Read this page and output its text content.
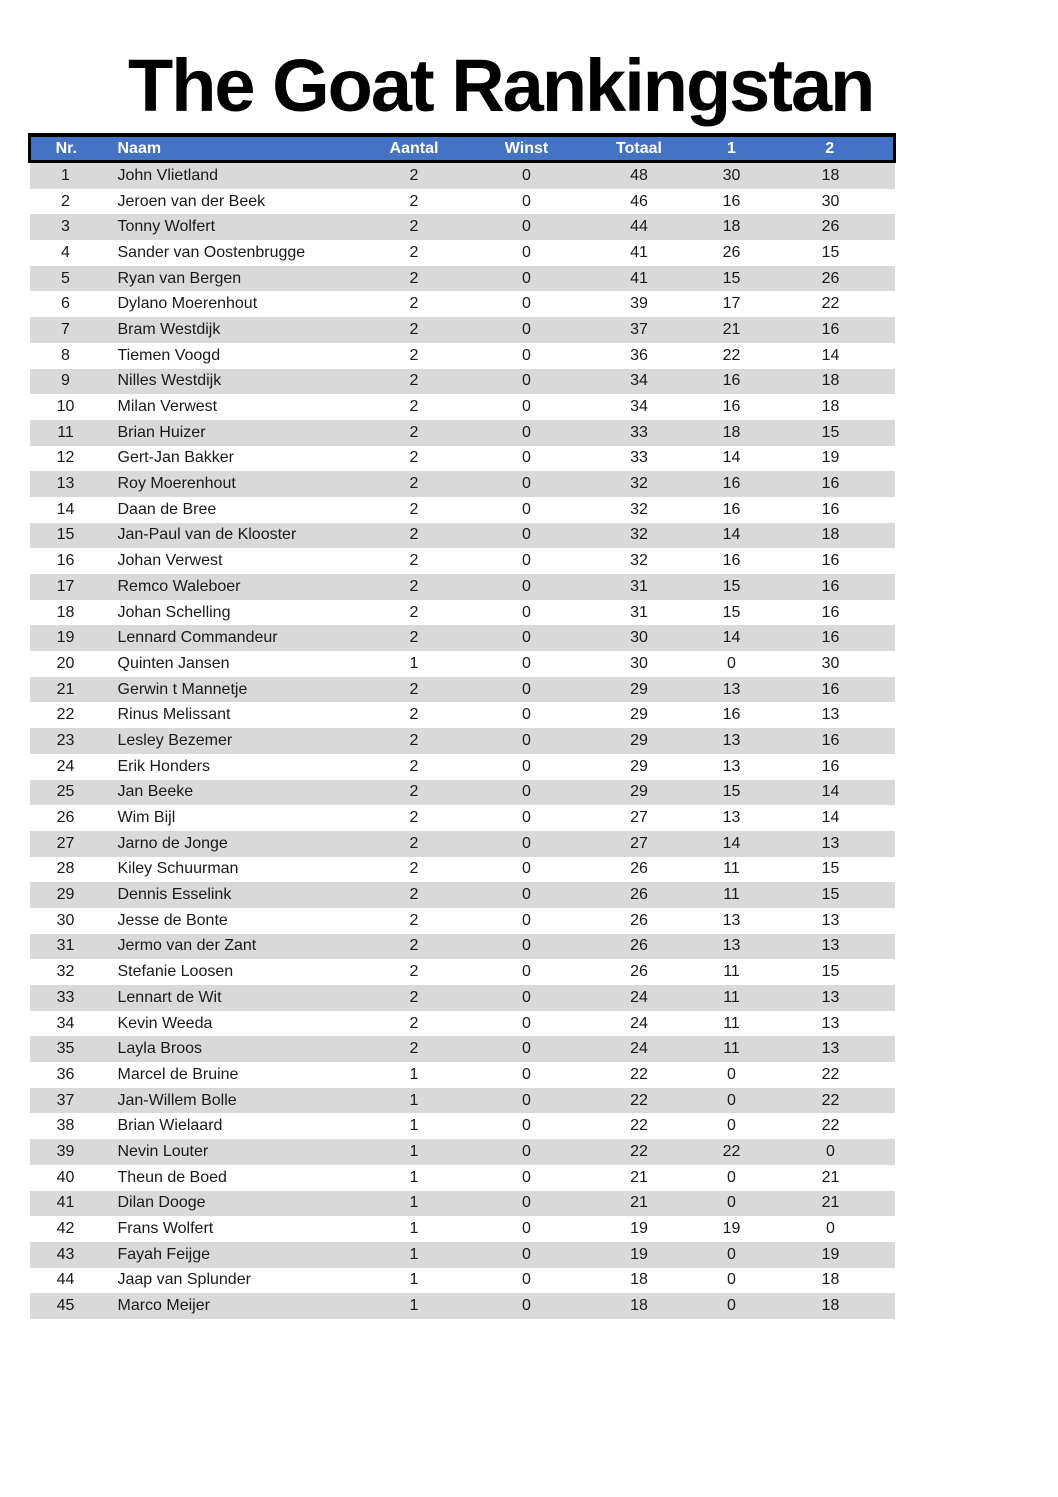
The Goat Rankingstan
Nr.	Naam	Aantal	Winst	Totaal	1	2
1	John Vlietland	2	0	48	30	18
2	Jeroen van der Beek	2	0	46	16	30
3	Tonny Wolfert	2	0	44	18	26
4	Sander van Oostenbrugge	2	0	41	26	15
5	Ryan van Bergen	2	0	41	15	26
6	Dylano Moerenhout	2	0	39	17	22
7	Bram Westdijk	2	0	37	21	16
8	Tiemen Voogd	2	0	36	22	14
9	Nilles Westdijk	2	0	34	16	18
10	Milan Verwest	2	0	34	16	18
11	Brian Huizer	2	0	33	18	15
12	Gert-Jan Bakker	2	0	33	14	19
13	Roy Moerenhout	2	0	32	16	16
14	Daan de Bree	2	0	32	16	16
15	Jan-Paul van de Klooster	2	0	32	14	18
16	Johan Verwest	2	0	32	16	16
17	Remco Waleboer	2	0	31	15	16
18	Johan Schelling	2	0	31	15	16
19	Lennard Commandeur	2	0	30	14	16
20	Quinten Jansen	1	0	30	0	30
21	Gerwin t Mannetje	2	0	29	13	16
22	Rinus Melissant	2	0	29	16	13
23	Lesley Bezemer	2	0	29	13	16
24	Erik Honders	2	0	29	13	16
25	Jan Beeke	2	0	29	15	14
26	Wim Bijl	2	0	27	13	14
27	Jarno de Jonge	2	0	27	14	13
28	Kiley Schuurman	2	0	26	11	15
29	Dennis Esselink	2	0	26	11	15
30	Jesse de Bonte	2	0	26	13	13
31	Jermo van der Zant	2	0	26	13	13
32	Stefanie Loosen	2	0	26	11	15
33	Lennart de Wit	2	0	24	11	13
34	Kevin Weeda	2	0	24	11	13
35	Layla Broos	2	0	24	11	13
36	Marcel de Bruine	1	0	22	0	22
37	Jan-Willem Bolle	1	0	22	0	22
38	Brian Wielaard	1	0	22	0	22
39	Nevin Louter	1	0	22	22	0
40	Theun de Boed	1	0	21	0	21
41	Dilan Dooge	1	0	21	0	21
42	Frans Wolfert	1	0	19	19	0
43	Fayah Feijge	1	0	19	0	19
44	Jaap van Splunder	1	0	18	0	18
45	Marco Meijer	1	0	18	0	18
